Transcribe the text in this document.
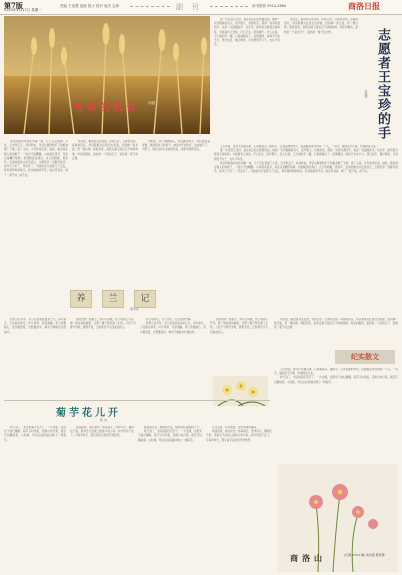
第7版
2023年4月17日 星期一
责编 王谊慧 组版 段小 校对 崔杰 志琼	副 刊	读书联系 0914-2880	商洛日报
母亲的粮食	孙丽

母亲的粮食存放在老屋一角，几个瓦缸装满了小麦、玉米和豆子。每到秋收，母亲总要把新打下的粮食晒了又晒，挑了又挑，才肯装进缸里。她说，粮食是庄稼人的命根子，一粒也不能糟蹋。小时候家里穷，母亲总是精打细算，把细粮留给我们，自己吃粗粮。那些年，缸里的粮食从没见底过，全靠母亲一双勤劳的手。如今日子好了，母亲老了，可她依旧守着那几个瓦缸，每年照样种麦种豆。我劝她别再辛苦，她总笑着说，种了一辈子地，闲不住。

母亲说，粮食是有灵性的，你待它好，它就养活你。每逢我回家，母亲都要从缸里舀出新面，给我擀一案长面，蒸一锅白馍。那股麦香，是我走遍天涯也忘不掉的味道。母亲的粮食，装的是一个家的日子，装的是一辈子的念想。

田野里，麦子抽穗扬花，母亲蹲在地头，轻轻抚摸着麦穗，像抚摸自己的孩子。她说今年雨水好，收成错不了。夕阳下，她花白的头发被风吹乱，身影却那样坚定。

第一次见到王宝珍，是在社区的志愿服务站。她的一双手粗糙而有力，指节粗大，布满老茧。那是一双劳动者的手，也是一双温暖的手。这些年，她带着志愿者走街串巷，为孤寡老人送饭、打扫卫生、陪伴聊天。老人们说，王大姐的手一握，心里就踏实了。疫情期间，她每天守在卡口，登记信息、搬运物资，手冻得裂开口子，也从不叫苦。

母亲说，粮食是有灵性的，你待它好，它就养活你。每逢我回家，母亲都要从缸里舀出新面，给我擀一案长面，蒸一锅白馍。那股麦香，是我走遍天涯也忘不掉的味道。母亲的粮食，装的是一个家的日子，装的是一辈子的念想。	志愿者王宝珍的手
张春平

王宝珍说，能为大家做点事，心里就高兴。她的手，记录着她的付出，也温暖着身边的每一个人。一双手，做的是平凡事，传递的是大爱。

第一次见到王宝珍，是在社区的志愿服务站。她的一双手粗糙而有力，指节粗大，布满老茧。那是一双劳动者的手，也是一双温暖的手。这些年，她带着志愿者走街串巷，为孤寡老人送饭、打扫卫生、陪伴聊天。老人们说，王大姐的手一握，心里就踏实了。疫情期间，她每天守在卡口，登记信息、搬运物资，手冻得裂开口子，也从不叫苦。

母亲的粮食存放在老屋一角，几个瓦缸装满了小麦、玉米和豆子。每到秋收，母亲总要把新打下的粮食晒了又晒，挑了又挑，才肯装进缸里。她说，粮食是庄稼人的命根子，一粒也不能糟蹋。小时候家里穷，母亲总是精打细算，把细粮留给我们，自己吃粗粮。那些年，缸里的粮食从没见底过，全靠母亲一双勤劳的手。如今日子好了，母亲老了，可她依旧守着那几个瓦缸，每年照样种麦种豆。我劝她别再辛苦，她总笑着说，种了一辈子地，闲不住。

养	兰	记
谭为华

我养兰花多年，对兰花的喜爱由来已久。每年春天，兰花抽出新芽，叶片青翠，花香清幽。养兰需要耐心，浇水要适度，光照要适中，稍有不慎就会烂根枯叶。

朋友送我一盆春兰，我小心伺候，终于等到它开花。那一缕淡淡的幽香，让整个屋子都充满了生机。兰花不与群芳争艳，默默开放，正如那些平凡而高洁的人。

养兰如养心。与兰为伴，心也变得宁静。

我养兰花多年，对兰花的喜爱由来已久。每年春天，兰花抽出新芽，叶片青翠，花香清幽。养兰需要耐心，浇水要适度，光照要适中，稍有不慎就会烂根枯叶。

朋友送我一盆春兰，我小心伺候，终于等到它开花。那一缕淡淡的幽香，让整个屋子都充满了生机。兰花不与群芳争艳，默默开放，正如那些平凡而高洁的人。

母亲说，粮食是有灵性的，你待它好，它就养活你。每逢我回家，母亲都要从缸里舀出新面，给我擀一案长面，蒸一锅白馍。那股麦香，是我走遍天涯也忘不掉的味道。母亲的粮食，装的是一个家的日子，装的是一辈子的念想。

纪实散文

王宝珍说，能为大家做点事，心里就高兴。她的手，记录着她的付出，也温暖着身边的每一个人。一双手，做的是平凡事，传递的是大爱。

秋天到了，老家的菊芋花开了，一片金黄，在阳光下灿烂耀眼。菊芋又叫洋姜，花像小向日葵，根茎可以腌咸菜。小时候，母亲总在院墙边种上一排菊芋。

菊芋花儿开
陈 诗

秋天到了，老家的菊芋花开了，一片金黄，在阳光下灿烂耀眼。菊芋又叫洋姜，花像小向日葵，根茎可以腌咸菜。小时候，母亲总在院墙边种上一排菊芋。

每到深秋，我们挖出一串串菊芋，洗净切片，腌进坛子里，那是冬天饭桌上最爽口的小菜。如今母亲不在了，可每年秋天，那片菊芋花依旧开得热烈。

看到菊芋花，就想起母亲，想起那些温暖的日子。

秋天到了，老家的菊芋花开了，一片金黄，在阳光下灿烂耀眼。菊芋又叫洋姜，花像小向日葵，根茎可以腌咸菜。小时候，母亲总在院墙边种上一排菊芋。

花开花落，年年如此，思念却越来越深。

每到深秋，我们挖出一串串菊芋，洗净切片，腌进坛子里，那是冬天饭桌上最爽口的小菜。如今母亲不在了，可每年秋天，那片菊芋花依旧开得热烈。

商洛山	(长篇 2714 期) 刘诗曼 陈贤著
